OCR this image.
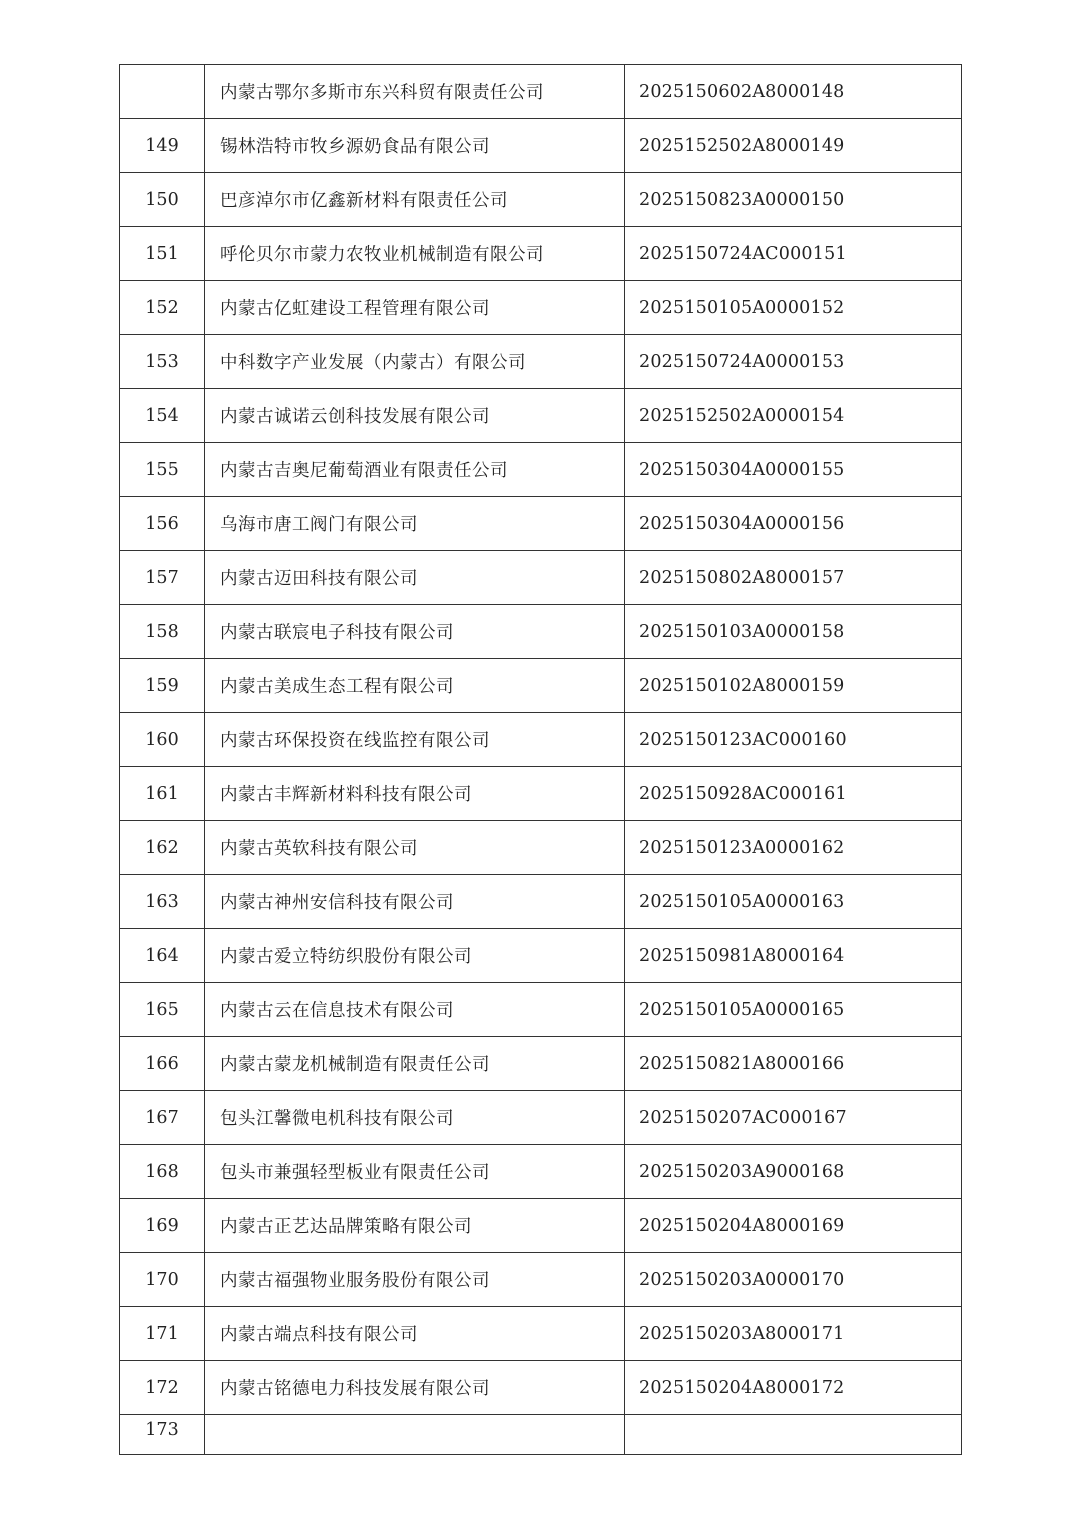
	内蒙古鄂尔多斯市东兴科贸有限责任公司	2025150602A8000148
149	锡林浩特市牧乡源奶食品有限公司	2025152502A8000149
150	巴彦淖尔市亿鑫新材料有限责任公司	2025150823A0000150
151	呼伦贝尔市蒙力农牧业机械制造有限公司	2025150724AC000151
152	内蒙古亿虹建设工程管理有限公司	2025150105A0000152
153	中科数字产业发展（内蒙古）有限公司	2025150724A0000153
154	内蒙古诚诺云创科技发展有限公司	2025152502A0000154
155	内蒙古吉奥尼葡萄酒业有限责任公司	2025150304A0000155
156	乌海市唐工阀门有限公司	2025150304A0000156
157	内蒙古迈田科技有限公司	2025150802A8000157
158	内蒙古联宸电子科技有限公司	2025150103A0000158
159	内蒙古美成生态工程有限公司	2025150102A8000159
160	内蒙古环保投资在线监控有限公司	2025150123AC000160
161	内蒙古丰辉新材料科技有限公司	2025150928AC000161
162	内蒙古英软科技有限公司	2025150123A0000162
163	内蒙古神州安信科技有限公司	2025150105A0000163
164	内蒙古爱立特纺织股份有限公司	2025150981A8000164
165	内蒙古云在信息技术有限公司	2025150105A0000165
166	内蒙古蒙龙机械制造有限责任公司	2025150821A8000166
167	包头江馨微电机科技有限公司	2025150207AC000167
168	包头市兼强轻型板业有限责任公司	2025150203A9000168
169	内蒙古正艺达品牌策略有限公司	2025150204A8000169
170	内蒙古福强物业服务股份有限公司	2025150203A0000170
171	内蒙古端点科技有限公司	2025150203A8000171
172	内蒙古铭德电力科技发展有限公司	2025150204A8000172
173		
